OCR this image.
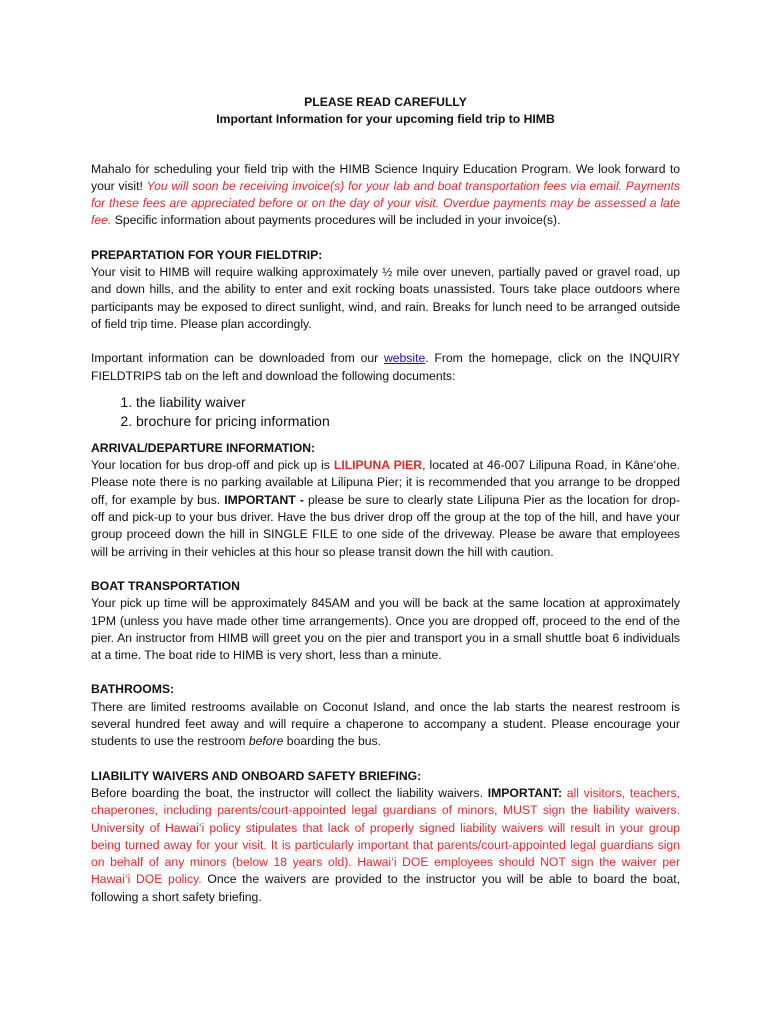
PLEASE READ CAREFULLY
Important Information for your upcoming field trip to HIMB

Mahalo for scheduling your field trip with the HIMB Science Inquiry Education Program. We look forward to your visit! You will soon be receiving invoice(s) for your lab and boat transportation fees via email. Payments for these fees are appreciated before or on the day of your visit. Overdue payments may be assessed a late fee. Specific information about payments procedures will be included in your invoice(s).

PREPARTATION FOR YOUR FIELDTRIP:

Your visit to HIMB will require walking approximately ½ mile over uneven, partially paved or gravel road, up and down hills, and the ability to enter and exit rocking boats unassisted. Tours take place outdoors where participants may be exposed to direct sunlight, wind, and rain. Breaks for lunch need to be arranged outside of field trip time. Please plan accordingly.

Important information can be downloaded from our website. From the homepage, click on the INQUIRY FIELDTRIPS tab on the left and download the following documents:

1. the liability waiver
2. brochure for pricing information
ARRIVAL/DEPARTURE INFORMATION:

Your location for bus drop-off and pick up is LILIPUNA PIER, located at 46-007 Lilipuna Road, in Kāne‘ohe. Please note there is no parking available at Lilipuna Pier; it is recommended that you arrange to be dropped off, for example by bus. IMPORTANT - please be sure to clearly state Lilipuna Pier as the location for drop-off and pick-up to your bus driver. Have the bus driver drop off the group at the top of the hill, and have your group proceed down the hill in SINGLE FILE to one side of the driveway. Please be aware that employees will be arriving in their vehicles at this hour so please transit down the hill with caution.

BOAT TRANSPORTATION

Your pick up time will be approximately 845AM and you will be back at the same location at approximately 1PM (unless you have made other time arrangements). Once you are dropped off, proceed to the end of the pier. An instructor from HIMB will greet you on the pier and transport you in a small shuttle boat 6 individuals at a time. The boat ride to HIMB is very short, less than a minute.

BATHROOMS:

There are limited restrooms available on Coconut Island, and once the lab starts the nearest restroom is several hundred feet away and will require a chaperone to accompany a student. Please encourage your students to use the restroom before boarding the bus.

LIABILITY WAIVERS AND ONBOARD SAFETY BRIEFING:

Before boarding the boat, the instructor will collect the liability waivers. IMPORTANT: all visitors, teachers, chaperones, including parents/court-appointed legal guardians of minors, MUST sign the liability waivers. University of Hawai‘i policy stipulates that lack of properly signed liability waivers will result in your group being turned away for your visit. It is particularly important that parents/court-appointed legal guardians sign on behalf of any minors (below 18 years old). Hawai‘i DOE employees should NOT sign the waiver per Hawai‘i DOE policy. Once the waivers are provided to the instructor you will be able to board the boat, following a short safety briefing.
